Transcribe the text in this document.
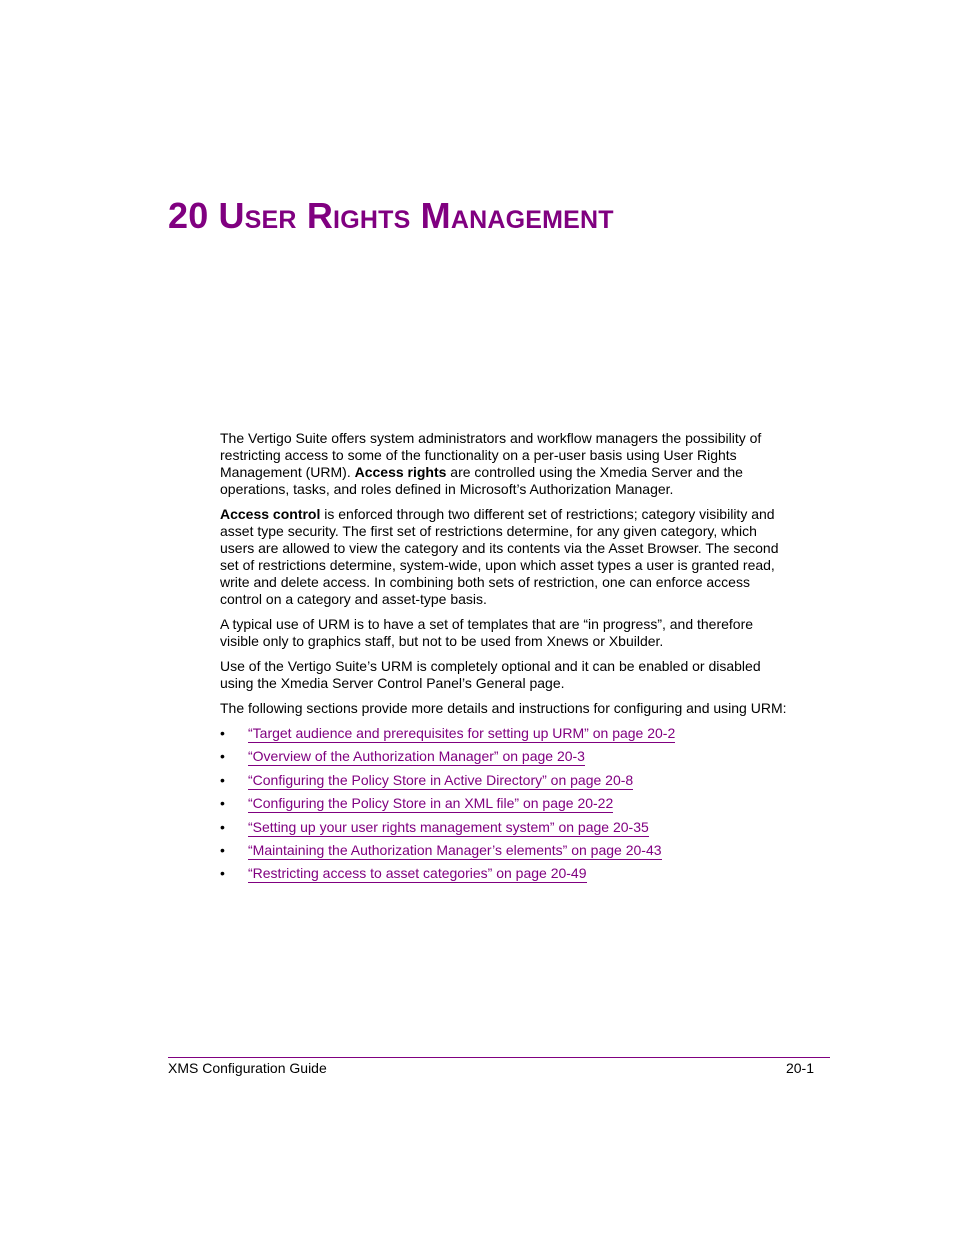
20 User Rights Management

The Vertigo Suite offers system administrators and workflow managers the possibility of restricting access to some of the functionality on a per-user basis using User Rights Management (URM). Access rights are controlled using the Xmedia Server and the operations, tasks, and roles defined in Microsoft’s Authorization Manager.

Access control is enforced through two different set of restrictions; category visibility and asset type security. The first set of restrictions determine, for any given category, which users are allowed to view the category and its contents via the Asset Browser. The second set of restrictions determine, system-wide, upon which asset types a user is granted read, write and delete access. In combining both sets of restriction, one can enforce access control on a category and asset-type basis.

A typical use of URM is to have a set of templates that are “in progress”, and therefore visible only to graphics staff, but not to be used from Xnews or Xbuilder.

Use of the Vertigo Suite’s URM is completely optional and it can be enabled or disabled using the Xmedia Server Control Panel’s General page.

The following sections provide more details and instructions for configuring and using URM:

• “Target audience and prerequisites for setting up URM” on page 20-2
• “Overview of the Authorization Manager” on page 20-3
• “Configuring the Policy Store in Active Directory” on page 20-8
• “Configuring the Policy Store in an XML file” on page 20-22
• “Setting up your user rights management system” on page 20-35
• “Maintaining the Authorization Manager’s elements” on page 20-43
• “Restricting access to asset categories” on page 20-49
XMS Configuration Guide	20-1
